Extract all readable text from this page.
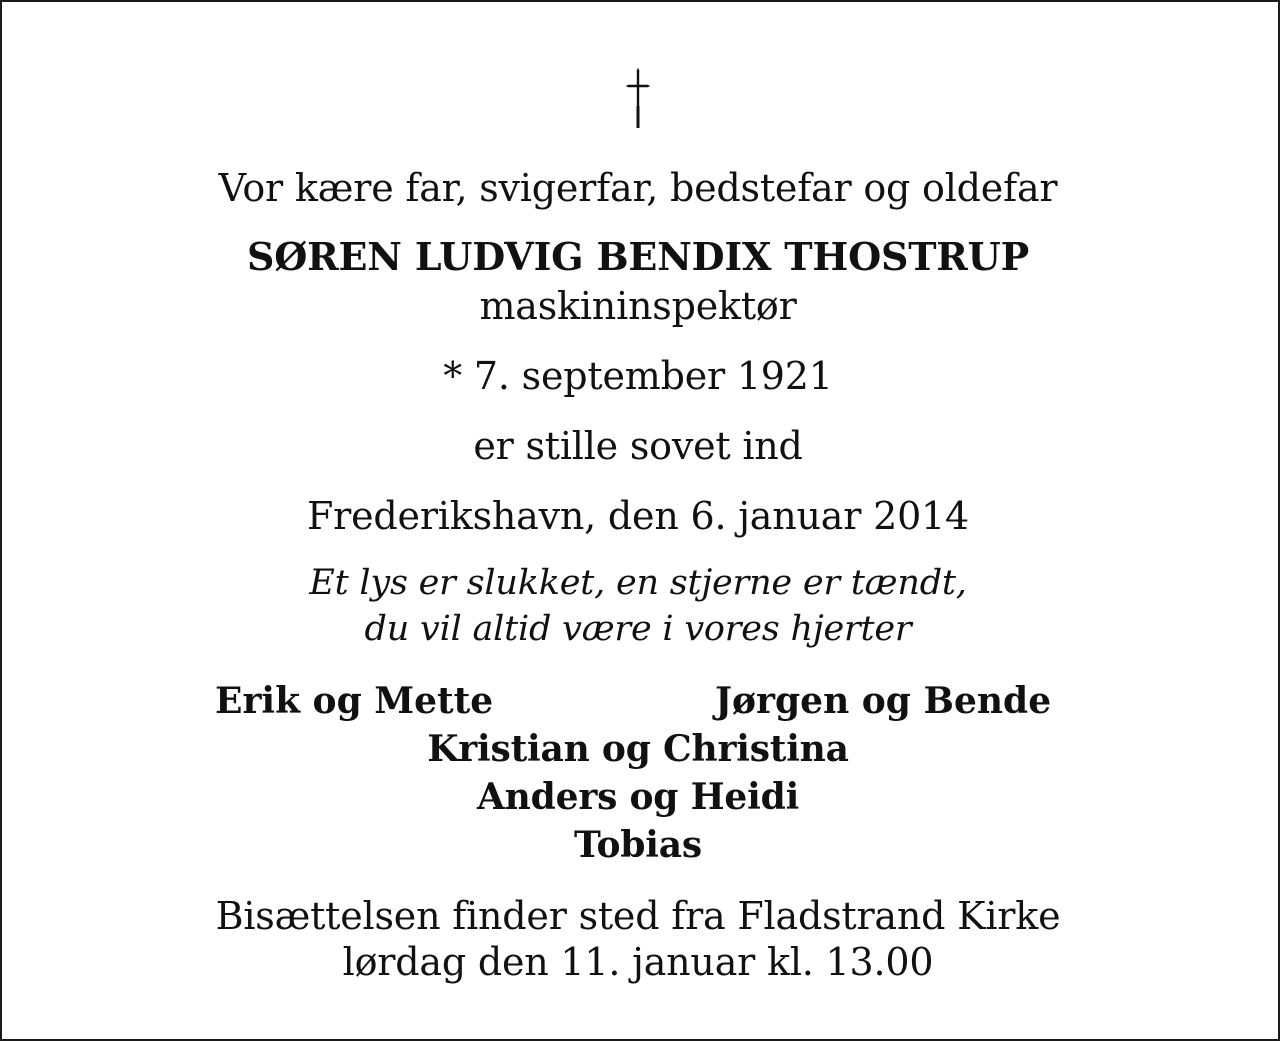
Vor kære far, svigerfar, bedstefar og oldefar
SØREN LUDVIG BENDIX THOSTRUP
maskininspektør
* 7. september 1921
er stille sovet ind
Frederikshavn, den 6. januar 2014
Et lys er slukket, en stjerne er tændt,
du vil altid være i vores hjerter
Erik og Mette	Jørgen og Bende
Kristian og Christina
Anders og Heidi
Tobias
Bisættelsen finder sted fra Fladstrand Kirke
lørdag den 11. januar kl. 13.00
